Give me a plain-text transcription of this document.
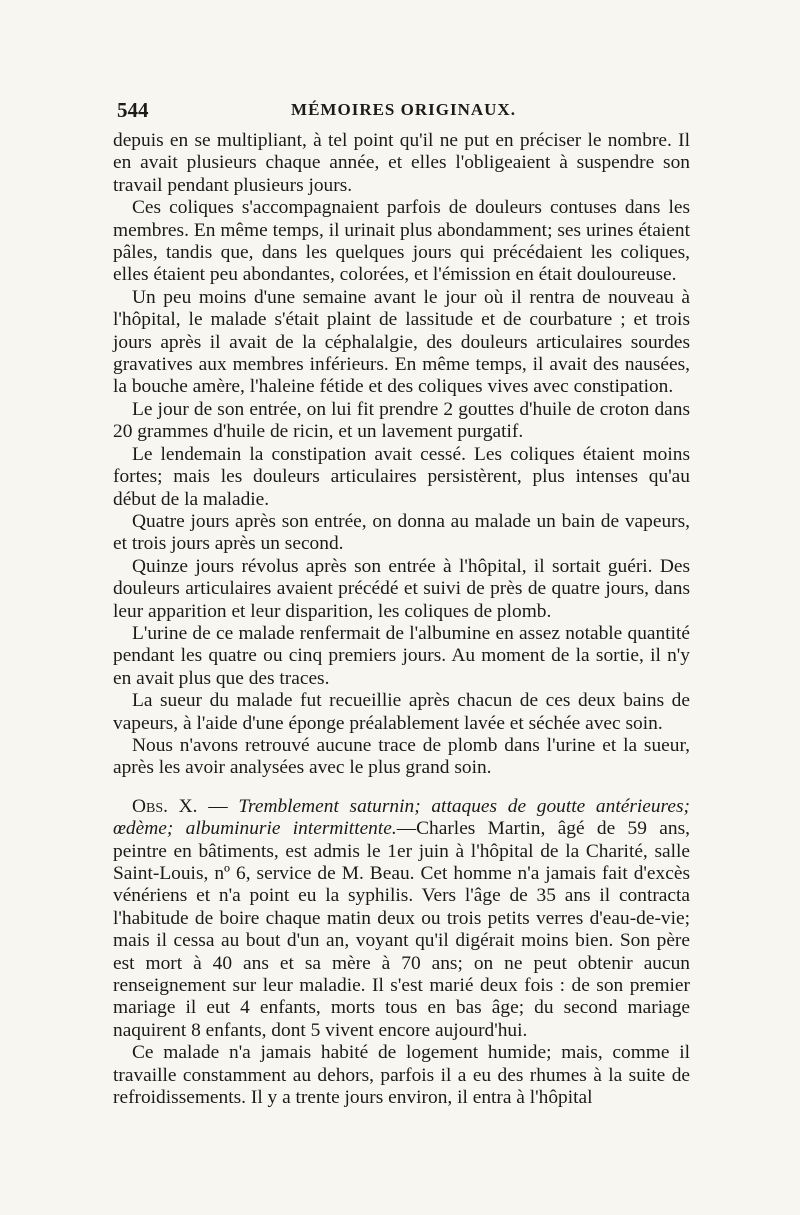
544	MÉMOIRES ORIGINAUX.

depuis en se multipliant, à tel point qu'il ne put en préciser le nombre. Il en avait plusieurs chaque année, et elles l'obligeaient à suspendre son travail pendant plusieurs jours.

Ces coliques s'accompagnaient parfois de douleurs contuses dans les membres. En même temps, il urinait plus abondamment; ses urines étaient pâles, tandis que, dans les quelques jours qui précédaient les coliques, elles étaient peu abondantes, colorées, et l'émission en était douloureuse.

Un peu moins d'une semaine avant le jour où il rentra de nouveau à l'hôpital, le malade s'était plaint de lassitude et de courbature ; et trois jours après il avait de la céphalalgie, des douleurs articulaires sourdes gravatives aux membres inférieurs. En même temps, il avait des nausées, la bouche amère, l'haleine fétide et des coliques vives avec constipation.

Le jour de son entrée, on lui fit prendre 2 gouttes d'huile de croton dans 20 grammes d'huile de ricin, et un lavement purgatif.

Le lendemain la constipation avait cessé. Les coliques étaient moins fortes; mais les douleurs articulaires persistèrent, plus intenses qu'au début de la maladie.

Quatre jours après son entrée, on donna au malade un bain de vapeurs, et trois jours après un second.

Quinze jours révolus après son entrée à l'hôpital, il sortait guéri. Des douleurs articulaires avaient précédé et suivi de près de quatre jours, dans leur apparition et leur disparition, les coliques de plomb.

L'urine de ce malade renfermait de l'albumine en assez notable quantité pendant les quatre ou cinq premiers jours. Au moment de la sortie, il n'y en avait plus que des traces.

La sueur du malade fut recueillie après chacun de ces deux bains de vapeurs, à l'aide d'une éponge préalablement lavée et séchée avec soin.

Nous n'avons retrouvé aucune trace de plomb dans l'urine et la sueur, après les avoir analysées avec le plus grand soin.

Obs. X. — Tremblement saturnin; attaques de goutte antérieures; œdème; albuminurie intermittente.—Charles Martin, âgé de 59 ans, peintre en bâtiments, est admis le 1er juin à l'hôpital de la Charité, salle Saint-Louis, nº 6, service de M. Beau. Cet homme n'a jamais fait d'excès vénériens et n'a point eu la syphilis. Vers l'âge de 35 ans il contracta l'habitude de boire chaque matin deux ou trois petits verres d'eau-de-vie; mais il cessa au bout d'un an, voyant qu'il digérait moins bien. Son père est mort à 40 ans et sa mère à 70 ans; on ne peut obtenir aucun renseignement sur leur maladie. Il s'est marié deux fois : de son premier mariage il eut 4 enfants, morts tous en bas âge; du second mariage naquirent 8 enfants, dont 5 vivent encore aujourd'hui.

Ce malade n'a jamais habité de logement humide; mais, comme il travaille constamment au dehors, parfois il a eu des rhumes à la suite de refroidissements. Il y a trente jours environ, il entra à l'hôpital
